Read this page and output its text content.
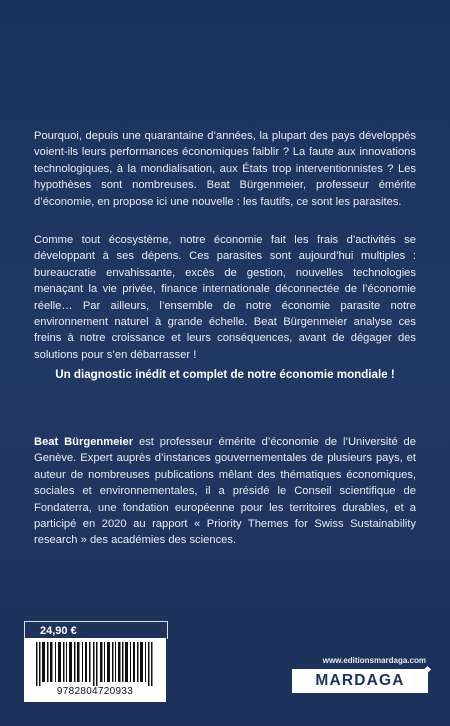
Pourquoi, depuis une quarantaine d’années, la plupart des pays développés voient-ils leurs performances économiques faiblir ? La faute aux innovations technologiques, à la mondialisation, aux États trop interventionnistes ? Les hypothèses sont nombreuses. Beat Bürgenmeier, professeur émérite d’économie, en propose ici une nouvelle : les fautifs, ce sont les parasites.

Comme tout écosystème, notre économie fait les frais d’activités se développant à ses dépens. Ces parasites sont aujourd’hui multiples : bureaucratie envahissante, excès de gestion, nouvelles technologies menaçant la vie privée, finance internationale déconnectée de l’économie réelle… Par ailleurs, l’ensemble de notre économie parasite notre environnement naturel à grande échelle. Beat Bürgenmeier analyse ces freins à notre croissance et leurs conséquences, avant de dégager des solutions pour s’en débarrasser !

Un diagnostic inédit et complet de notre économie mondiale !

Beat Bürgenmeier est professeur émérite d’économie de l’Université de Genève. Expert auprès d’instances gouvernementales de plusieurs pays, et auteur de nombreuses publications mêlant des thématiques économiques, sociales et environnementales, il a présidé le Conseil scientifique de Fondaterra, une fondation européenne pour les territoires durables, et a participé en 2020 au rapport « Priority Themes for Swiss Sustainability research » des académies des sciences.

24,90 €
9782804720933
www.editionsmardaga.com
MARDAGA
